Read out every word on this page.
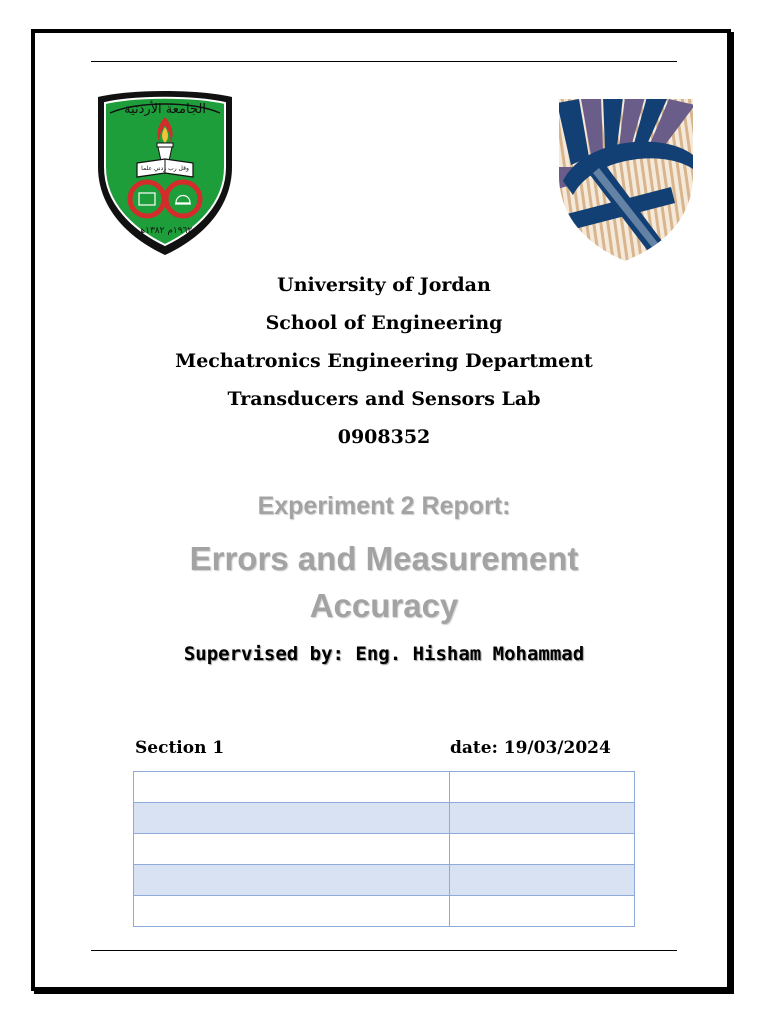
الجامعة الأردنية
وقل رب زدني علما
١٩٦٢م ١٣٨٢هـ
University of Jordan
School of Engineering
Mechatronics Engineering Department
Transducers and Sensors Lab
0908352
Experiment 2 Report:
Errors and Measurement
Accuracy
Supervised by: Eng. Hisham Mohammad
Section 1	date: 19/03/2024
